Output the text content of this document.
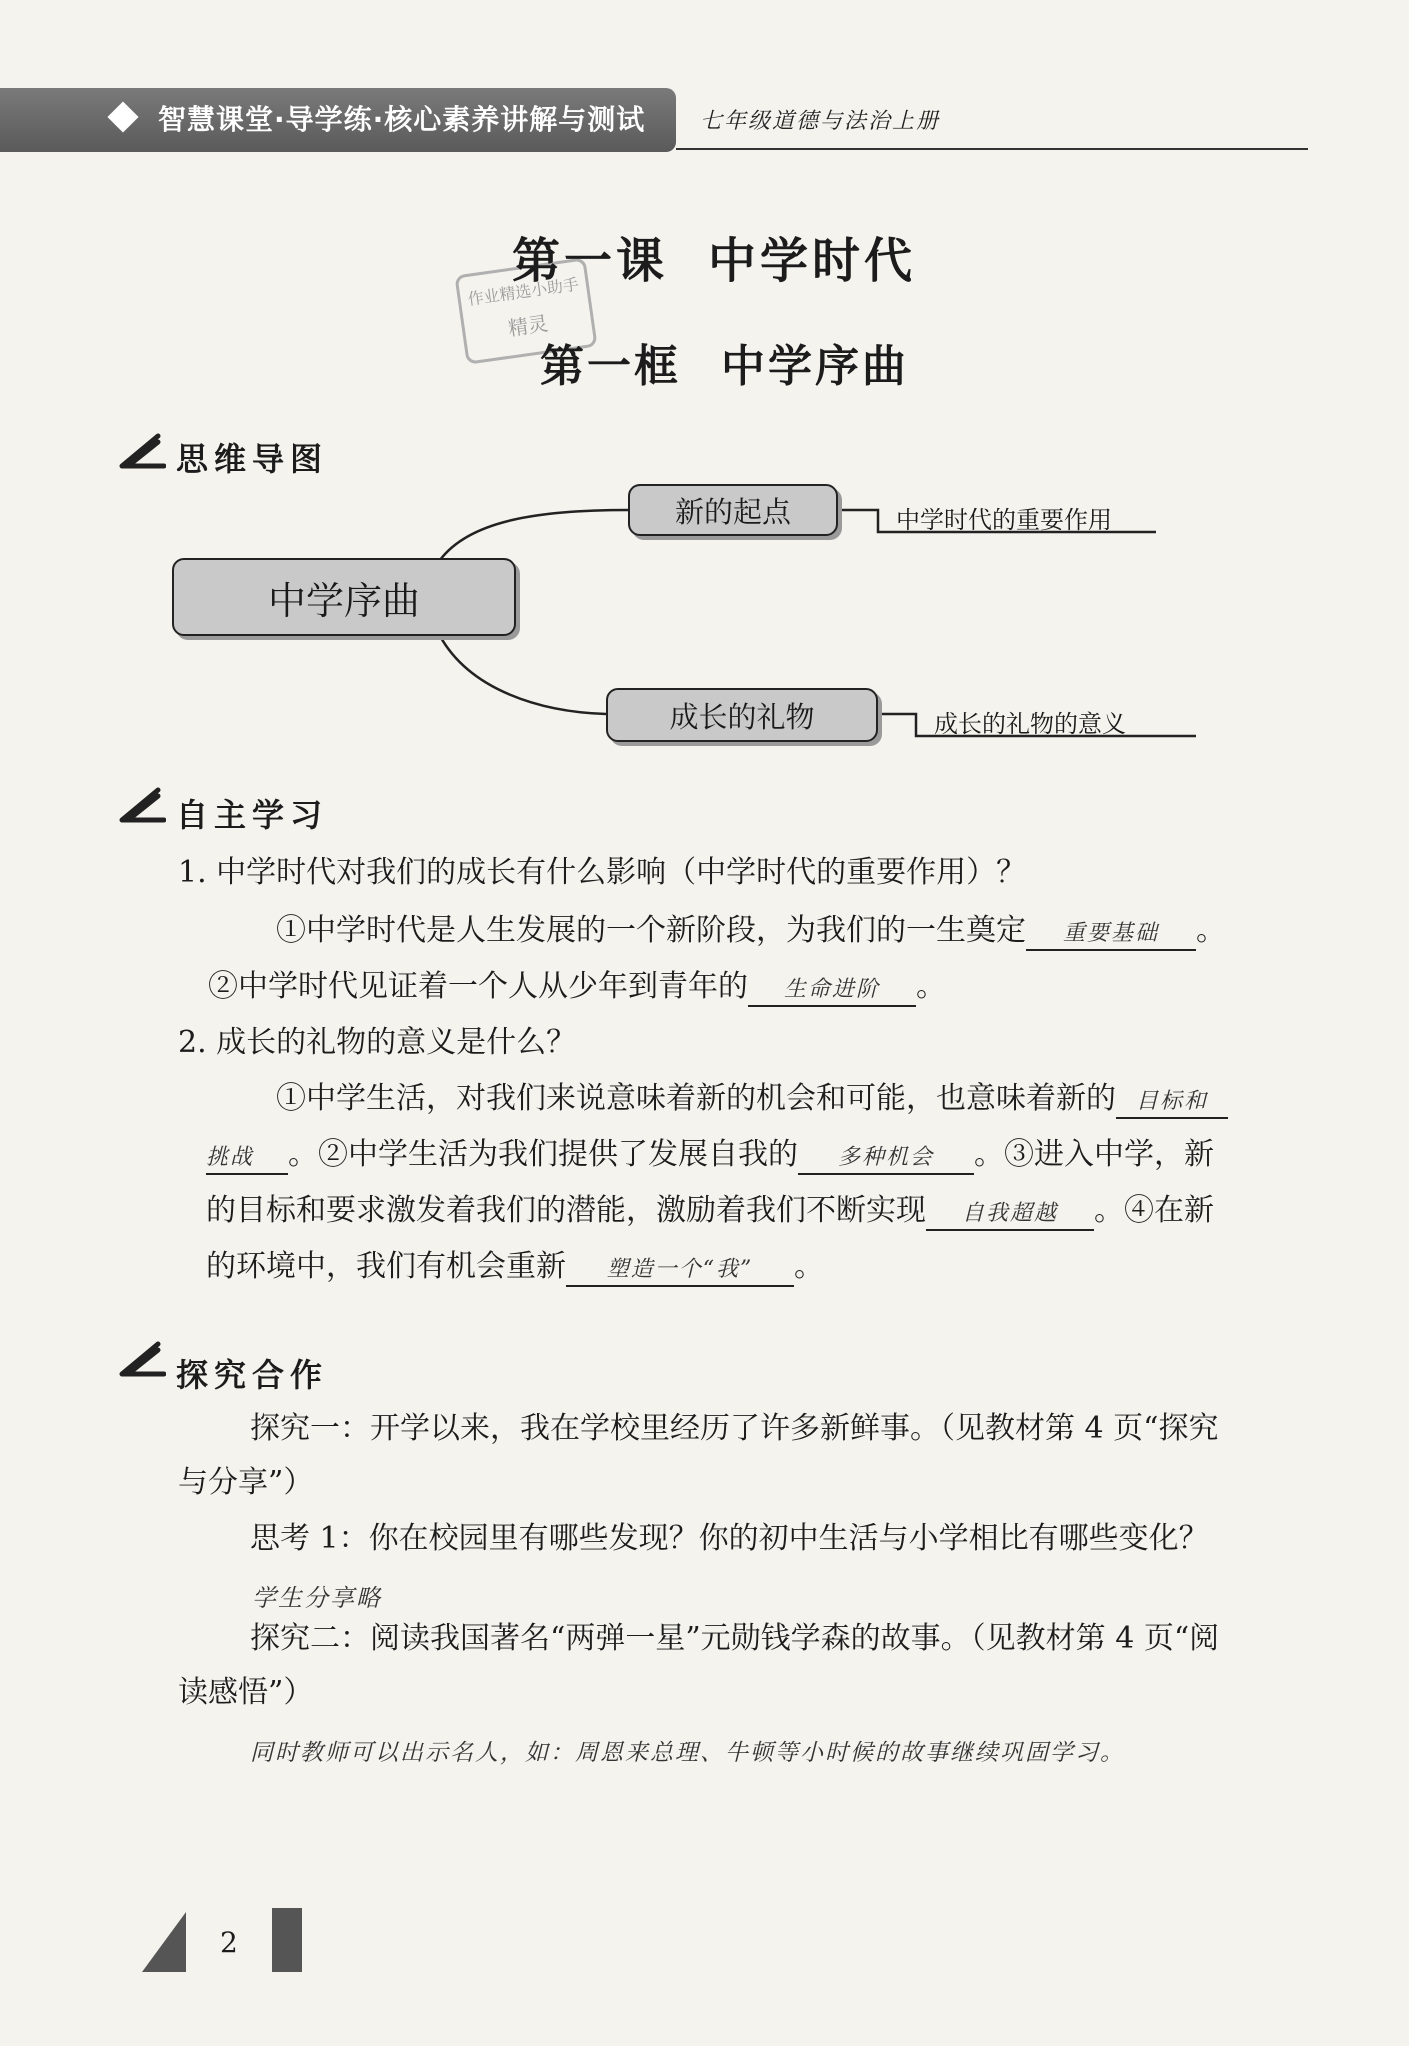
智慧课堂·导学练·核心素养讲解与测试 七年级道德与法治上册
作业精选小助手
精灵
第一课 中学时代
第一框 中学序曲
思维导图
中学序曲
新的起点
成长的礼物
中学时代的重要作用
成长的礼物的意义
自主学习
1. 中学时代对我们的成长有什么影响（中学时代的重要作用）？
①中学时代是人生发展的一个新阶段，为我们的一生奠定 重要基础 。
②中学时代见证着一个人从少年到青年的 生命进阶 。
2. 成长的礼物的意义是什么？
①中学生活，对我们来说意味着新的机会和可能，也意味着新的 目标和
挑战 。②中学生活为我们提供了发展自我的 多种机会 。③进入中学，新
的目标和要求激发着我们的潜能，激励着我们不断实现 自我超越 。④在新
的环境中，我们有机会重新 塑造一个“我” 。
探究合作
探究一：开学以来，我在学校里经历了许多新鲜事。（见教材第 4 页“探究
与分享”）
思考 1：你在校园里有哪些发现？你的初中生活与小学相比有哪些变化？
学生分享略
探究二：阅读我国著名“两弹一星”元勋钱学森的故事。（见教材第 4 页“阅
读感悟”）
同时教师可以出示名人，如：周恩来总理、牛顿等小时候的故事继续巩固学习。
2
